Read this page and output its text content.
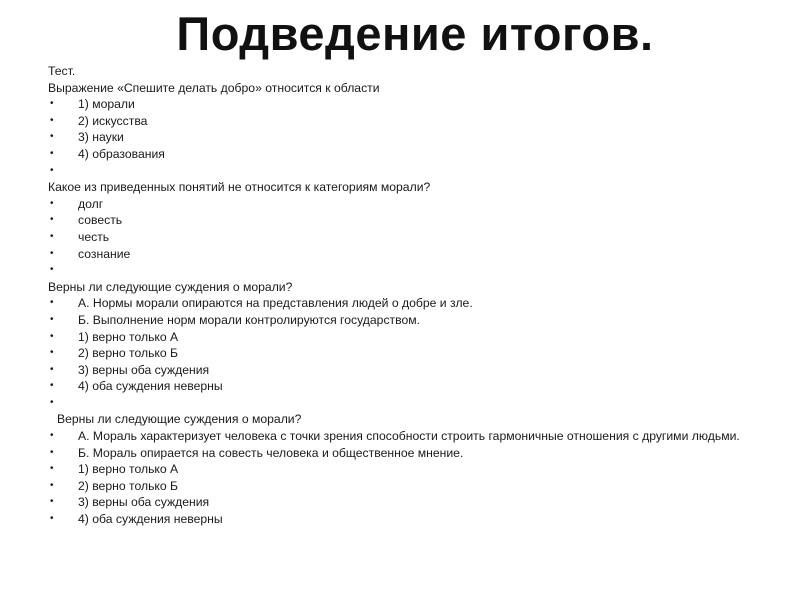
Подведение итогов.
Тест.
Выражение «Спешите делать добро» относится к области
•	1) морали
•	2) искусства
•	3) науки
•	4) образования
•
Какое из приведенных понятий не относится к категориям морали?
•	долг
•	совесть
•	честь
•	сознание
•
Верны ли следующие суждения о морали?
•	А. Нормы морали опираются на представления людей о добре и зле.
•	Б. Выполнение норм морали контролируются государством.
•	1) верно только А
•	2) верно только Б
•	3) верны оба суждения
•	4) оба суждения неверны
•
Верны ли следующие суждения о морали?
•	А. Мораль характеризует человека с точки зрения способности строить гармоничные отношения с другими людьми.
•	Б. Мораль опирается на совесть человека и общественное мнение.
•	1) верно только А
•	2) верно только Б
•	3) верны оба суждения
•	4) оба суждения неверны
